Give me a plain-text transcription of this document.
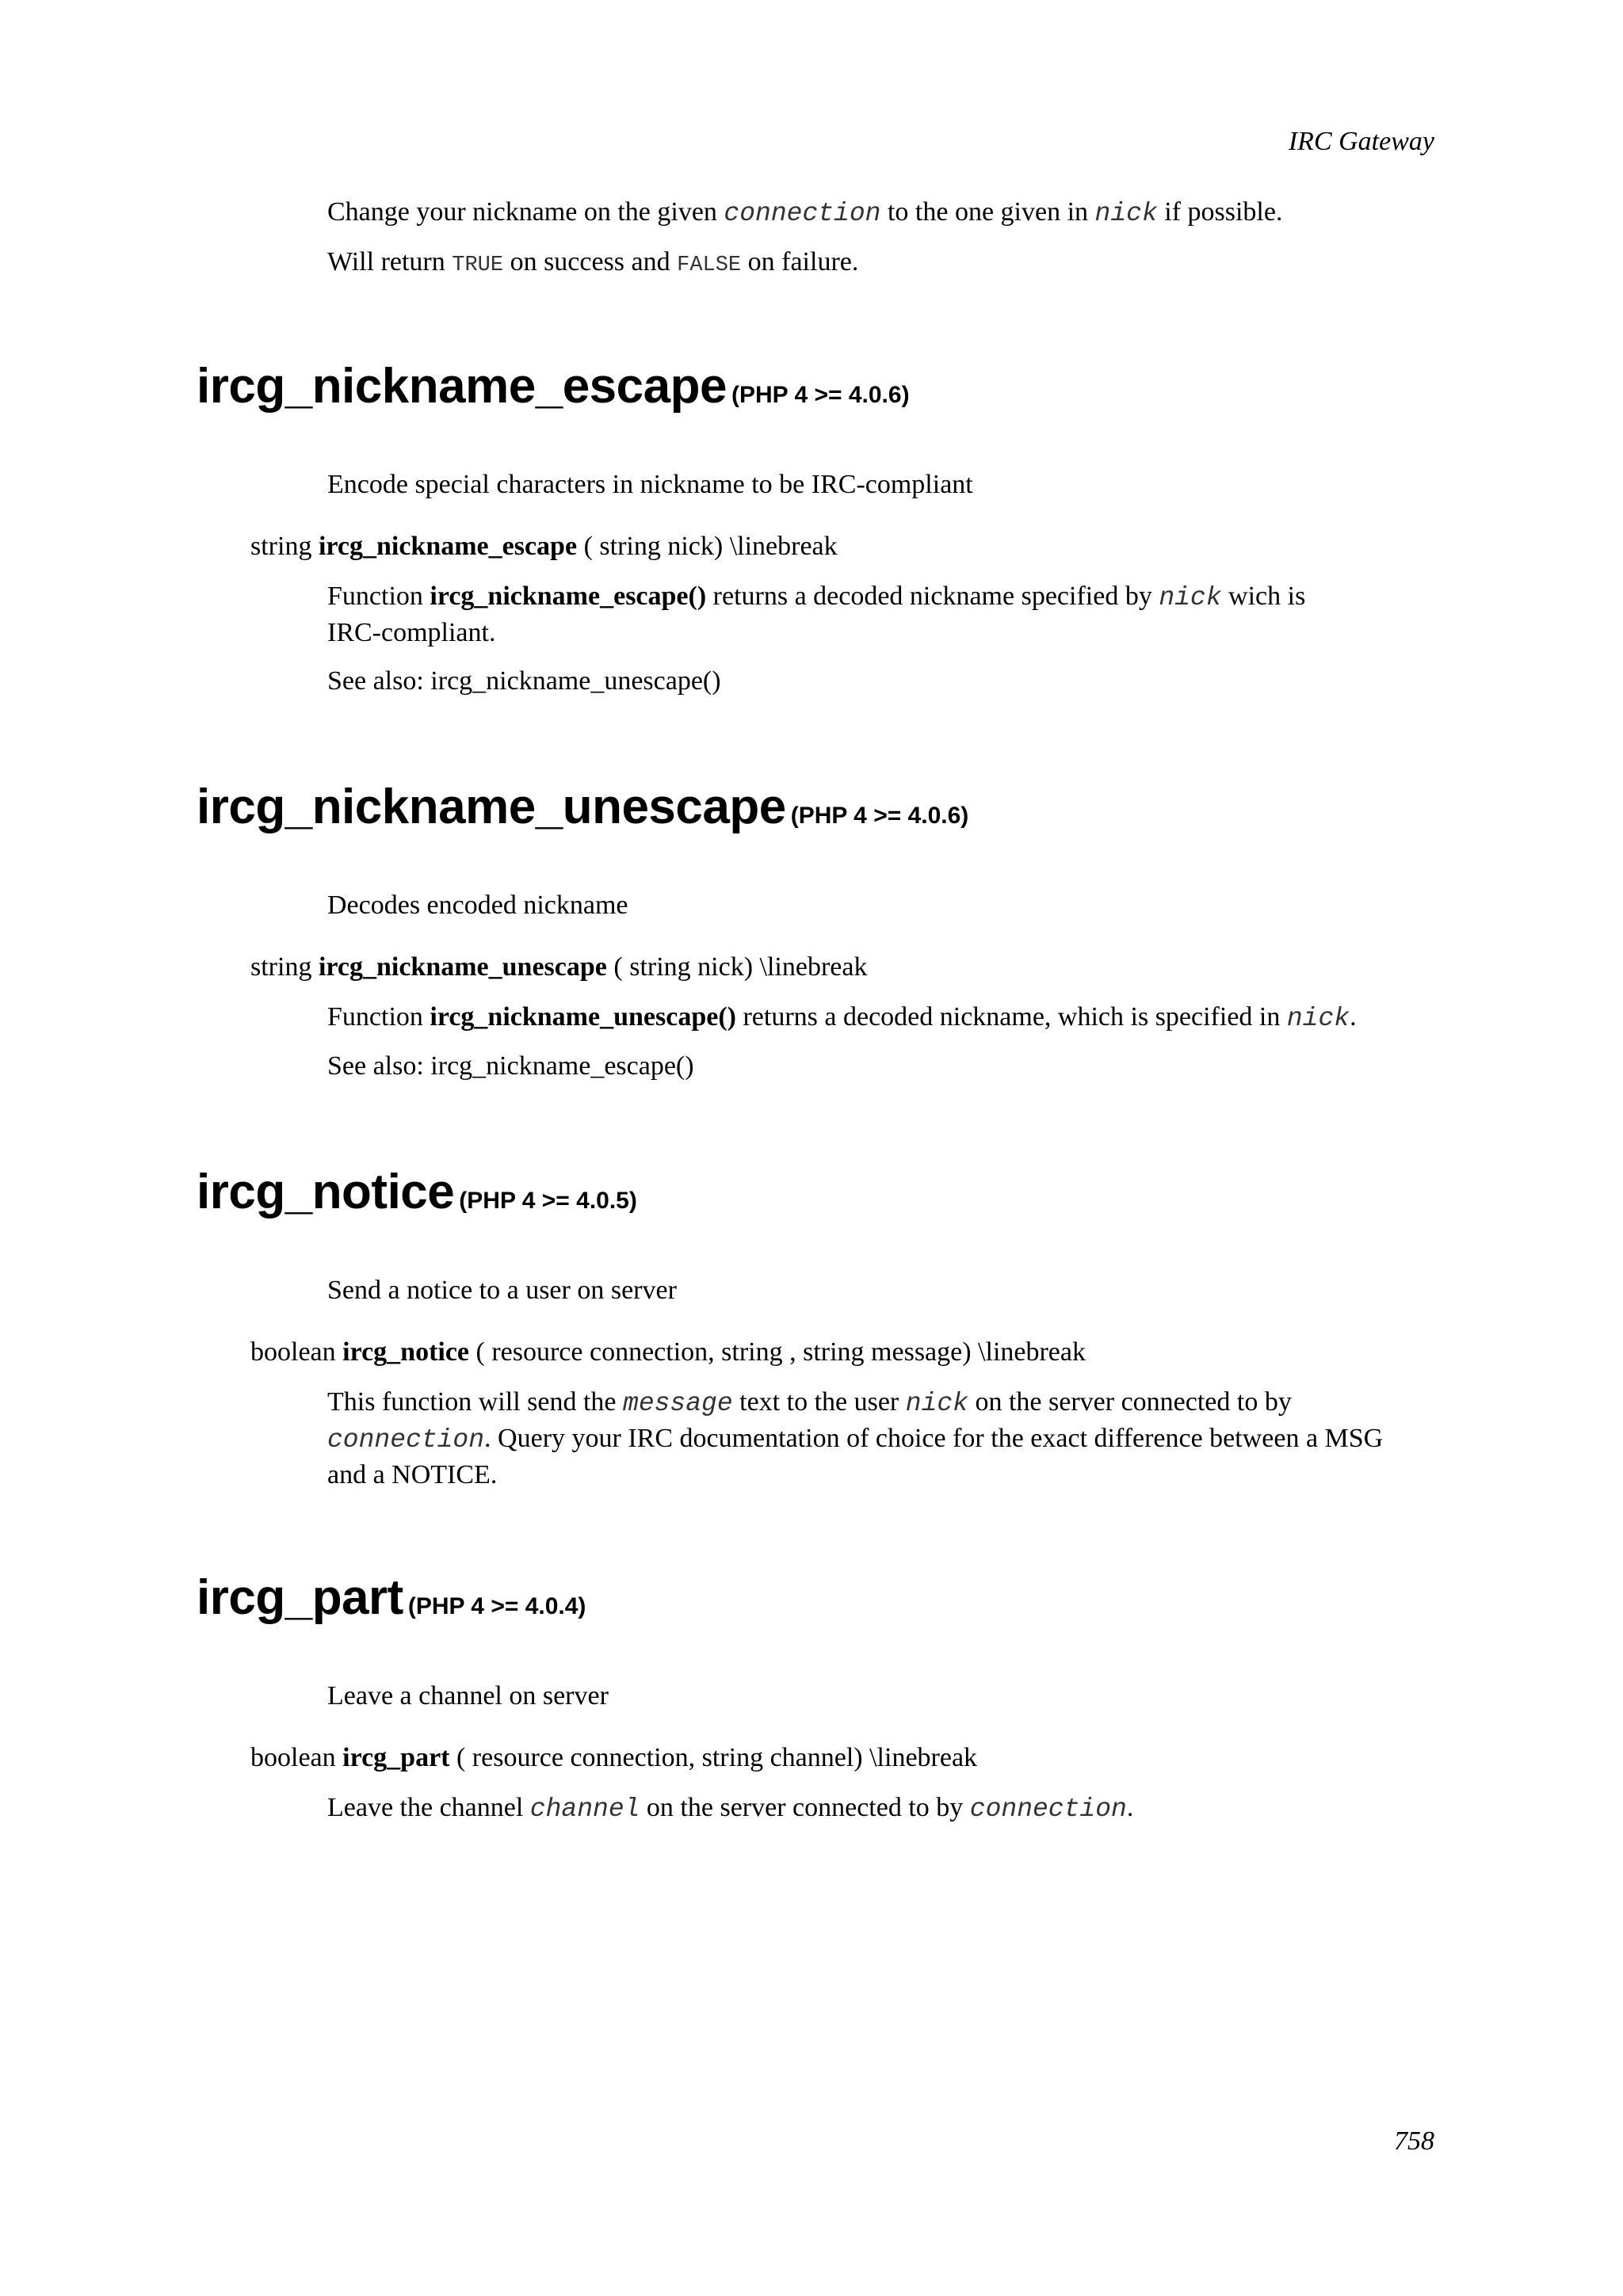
IRC Gateway

Change your nickname on the given connection to the one given in nick if possible.

Will return TRUE on success and FALSE on failure.

ircg_nickname_escape (PHP 4 >= 4.0.6)

Encode special characters in nickname to be IRC-compliant

string ircg_nickname_escape ( string nick) \linebreak

Function ircg_nickname_escape() returns a decoded nickname specified by nick wich is
IRC-compliant.

See also: ircg_nickname_unescape()

ircg_nickname_unescape (PHP 4 >= 4.0.6)

Decodes encoded nickname

string ircg_nickname_unescape ( string nick) \linebreak

Function ircg_nickname_unescape() returns a decoded nickname, which is specified in nick.

See also: ircg_nickname_escape()

ircg_notice (PHP 4 >= 4.0.5)

Send a notice to a user on server

boolean ircg_notice ( resource connection, string , string message) \linebreak

This function will send the message text to the user nick on the server connected to by
connection. Query your IRC documentation of choice for the exact difference between a MSG
and a NOTICE.

ircg_part (PHP 4 >= 4.0.4)

Leave a channel on server

boolean ircg_part ( resource connection, string channel) \linebreak

Leave the channel channel on the server connected to by connection.

758
